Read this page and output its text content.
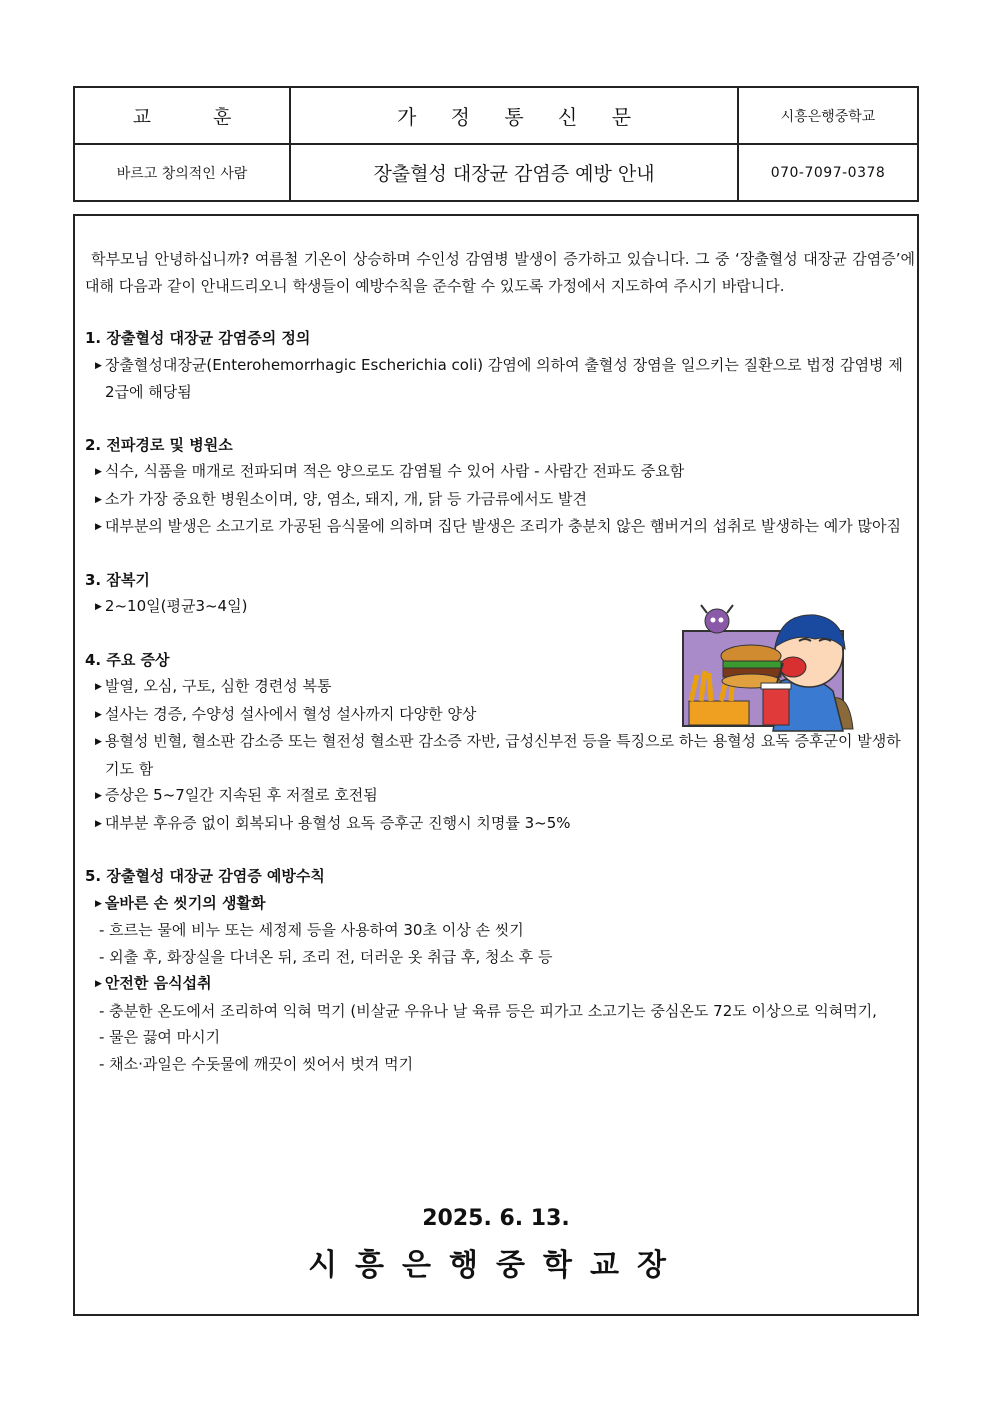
교 훈	가 정 통 신 문	시흥은행중학교
바르고 창의적인 사람	장출혈성 대장균 감염증 예방 안내	070-7097-0378

학부모님 안녕하십니까? 여름철 기온이 상승하며 수인성 감염병 발생이 증가하고 있습니다. 그 중 ‘장출혈성 대장균 감염증’에 대해 다음과 같이 안내드리오니 학생들이 예방수칙을 준수할 수 있도록 가정에서 지도하여 주시기 바랍니다.

1. 장출혈성 대장균 감염증의 정의
▶ 장출혈성대장균(Enterohemorrhagic Escherichia coli) 감염에 의하여 출혈성 장염을 일으키는 질환으로 법정 감염병 제 2급에 해당됨
2. 전파경로 및 병원소
▶ 식수, 식품을 매개로 전파되며 적은 양으로도 감염될 수 있어 사람 - 사람간 전파도 중요함
▶ 소가 가장 중요한 병원소이며, 양, 염소, 돼지, 개, 닭 등 가금류에서도 발견
▶ 대부분의 발생은 소고기로 가공된 음식물에 의하며 집단 발생은 조리가 충분치 않은 햄버거의 섭취로 발생하는 예가 많아짐
3. 잠복기
▶ 2~10일(평균3~4일)
4. 주요 증상
▶ 발열, 오심, 구토, 심한 경련성 복통
▶ 설사는 경증, 수양성 설사에서 혈성 설사까지 다양한 양상
▶ 용혈성 빈혈, 혈소판 감소증 또는 혈전성 혈소판 감소증 자반, 급성신부전 등을 특징으로 하는 용혈성 요독 증후군이 발생하기도 함
▶ 증상은 5~7일간 지속된 후 저절로 호전됨
▶ 대부분 후유증 없이 회복되나 용혈성 요독 증후군 진행시 치명률 3~5%
5. 장출혈성 대장균 감염증 예방수칙
▶ 올바른 손 씻기의 생활화
- 흐르는 물에 비누 또는 세정제 등을 사용하여 30초 이상 손 씻기
- 외출 후, 화장실을 다녀온 뒤, 조리 전, 더러운 옷 취급 후, 청소 후 등
▶ 안전한 음식섭취
- 충분한 온도에서 조리하여 익혀 먹기 (비살균 우유나 날 육류 등은 피가고 소고기는 중심온도 72도 이상으로 익혀먹기,
- 물은 끓여 마시기
- 채소·과일은 수돗물에 깨끗이 씻어서 벗겨 먹기
2025. 6. 13.
시흥은행중학교장
